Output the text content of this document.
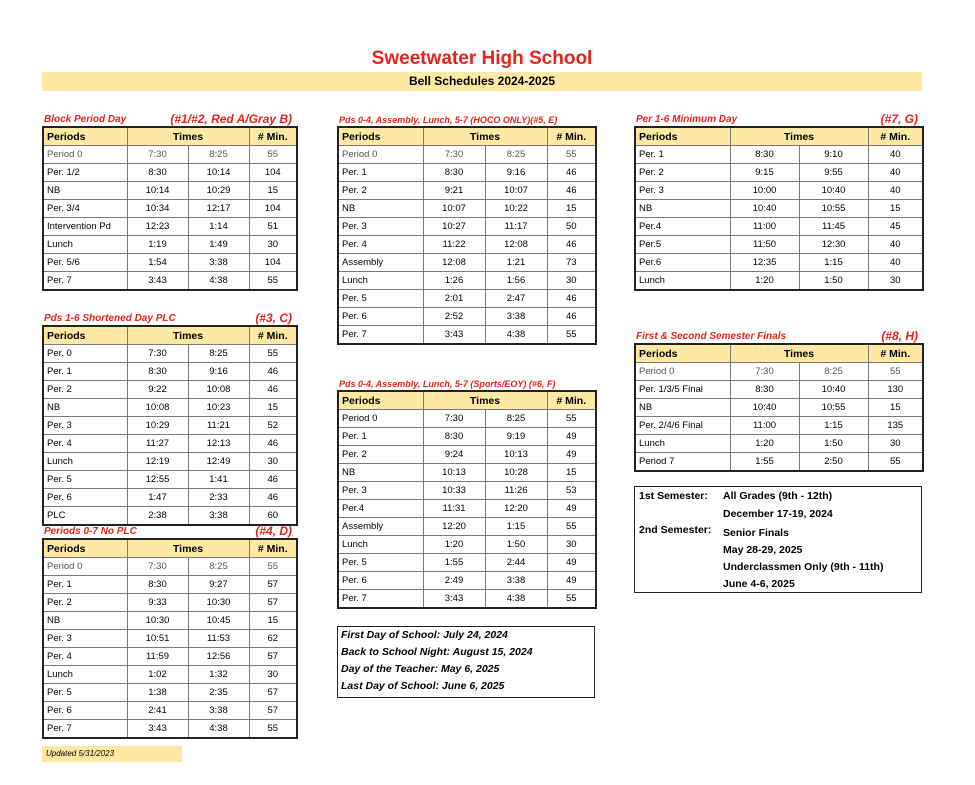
Sweetwater High School
Bell Schedules 2024-2025
Block Period Day	(#1/#2, Red A/Gray B)
Periods	Times		# Min.
Period 0	7:30	8:25	55
Per. 1/2	8:30	10:14	104
NB	10:14	10:29	15
Per. 3/4	10:34	12:17	104
Intervention Pd	12:23	1:14	51
Lunch	1:19	1:49	30
Per. 5/6	1:54	3:38	104
Per. 7	3:43	4:38	55
Pds 1-6 Shortened Day PLC	(#3, C)
Periods	Times		# Min.
Per. 0	7:30	8:25	55
Per. 1	8:30	9:16	46
Per. 2	9:22	10:08	46
NB	10:08	10:23	15
Per. 3	10:29	11:21	52
Per. 4	11:27	12:13	46
Lunch	12:19	12:49	30
Per. 5	12:55	1:41	46
Per. 6	1:47	2:33	46
PLC	2:38	3:38	60
Periods 0-7 No PLC	(#4, D)
Periods	Times		# Min.
Period 0	7:30	8:25	55
Per. 1	8:30	9:27	57
Per. 2	9:33	10:30	57
NB	10:30	10:45	15
Per. 3	10:51	11:53	62
Per. 4	11:59	12:56	57
Lunch	1:02	1:32	30
Per. 5	1:38	2:35	57
Per. 6	2:41	3:38	57
Per. 7	3:43	4:38	55
Pds 0-4, Assembly, Lunch, 5-7 (HOCO ONLY)(#5, E)
Periods	Times		# Min.
Period 0	7:30	8:25	55
Per. 1	8:30	9:16	46
Per. 2	9:21	10:07	46
NB	10:07	10:22	15
Per. 3	10:27	11:17	50
Per. 4	11:22	12:08	46
Assembly	12:08	1:21	73
Lunch	1:26	1:56	30
Per. 5	2:01	2:47	46
Per. 6	2:52	3:38	46
Per. 7	3:43	4:38	55
Pds 0-4, Assembly, Lunch, 5-7 (Sports/EOY) (#6, F)
Periods	Times		# Min.
Period 0	7:30	8:25	55
Per. 1	8:30	9:19	49
Per. 2	9:24	10:13	49
NB	10:13	10:28	15
Per. 3	10:33	11:26	53
Per.4	11:31	12:20	49
Assembly	12:20	1:15	55
Lunch	1:20	1:50	30
Per. 5	1:55	2:44	49
Per. 6	2:49	3:38	49
Per. 7	3:43	4:38	55
Per 1-6 Minimum Day	(#7, G)
Periods	Times		# Min.
Per. 1	8:30	9:10	40
Per. 2	9:15	9:55	40
Per. 3	10:00	10:40	40
NB	10:40	10:55	15
Per.4	11:00	11:45	45
Per.5	11:50	12:30	40
Per.6	12:35	1:15	40
Lunch	1:20	1:50	30
First & Second Semester Finals	(#8, H)
Periods	Times		# Min.
Period 0	7:30	8:25	55
Per. 1/3/5 Final	8:30	10:40	130
NB	10:40	10:55	15
Per. 2/4/6 Final	11:00	1:15	135
Lunch	1:20	1:50	30
Period 7	1:55	2:50	55
First Day of School: July 24, 2024
Back to School Night: August 15, 2024
Day of the Teacher: May 6, 2025
Last Day of School: June 6, 2025
1st Semester: All Grades (9th - 12th)
December 17-19, 2024
2nd Semester: Senior Finals
May 28-29, 2025
Underclassmen Only (9th - 11th)
June 4-6, 2025
Updated 5/31/2023
